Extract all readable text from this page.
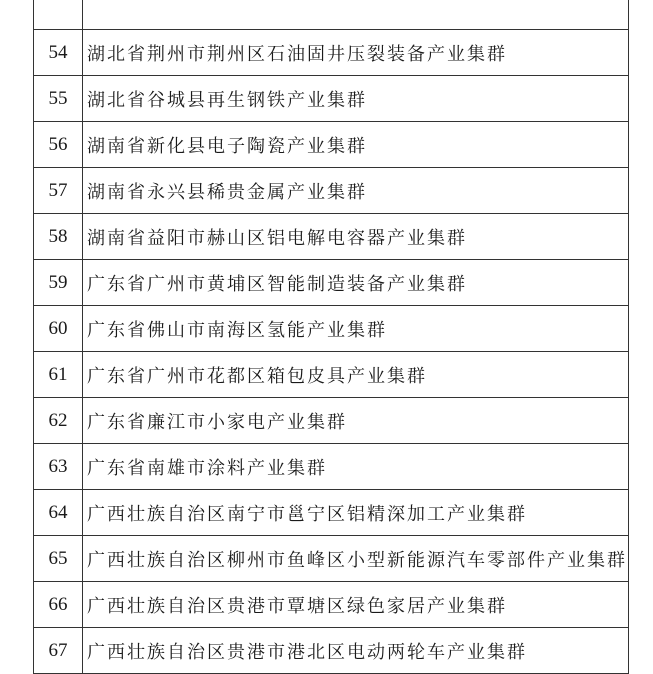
54	湖北省荆州市荆州区石油固井压裂装备产业集群
55	湖北省谷城县再生钢铁产业集群
56	湖南省新化县电子陶瓷产业集群
57	湖南省永兴县稀贵金属产业集群
58	湖南省益阳市赫山区铝电解电容器产业集群
59	广东省广州市黄埔区智能制造装备产业集群
60	广东省佛山市南海区氢能产业集群
61	广东省广州市花都区箱包皮具产业集群
62	广东省廉江市小家电产业集群
63	广东省南雄市涂料产业集群
64	广西壮族自治区南宁市邕宁区铝精深加工产业集群
65	广西壮族自治区柳州市鱼峰区小型新能源汽车零部件产业集群
66	广西壮族自治区贵港市覃塘区绿色家居产业集群
67	广西壮族自治区贵港市港北区电动两轮车产业集群
